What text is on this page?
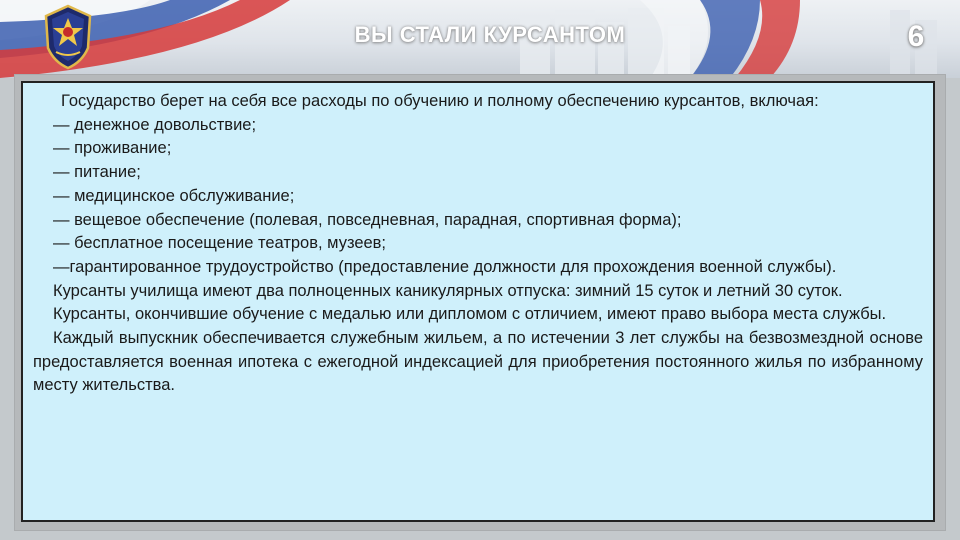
ВЫ СТАЛИ КУРСАНТОМ	6

Государство берет на себя все расходы по обучению и полному обеспечению курсантов, включая:

— денежное довольствие;

— проживание;

— питание;

— медицинское обслуживание;

— вещевое обеспечение (полевая, повседневная, парадная, спортивная форма);

— бесплатное посещение театров, музеев;

—гарантированное трудоустройство (предоставление должности для прохождения военной службы).

Курсанты училища имеют два полноценных каникулярных отпуска: зимний 15 суток и летний 30 суток.

Курсанты, окончившие обучение с медалью или дипломом с отличием, имеют право выбора места службы.

Каждый выпускник обеспечивается служебным жильем, а по истечении 3 лет службы на безвозмездной основе предоставляется военная ипотека с ежегодной индексацией для приобретения постоянного жилья по избранному месту жительства.
